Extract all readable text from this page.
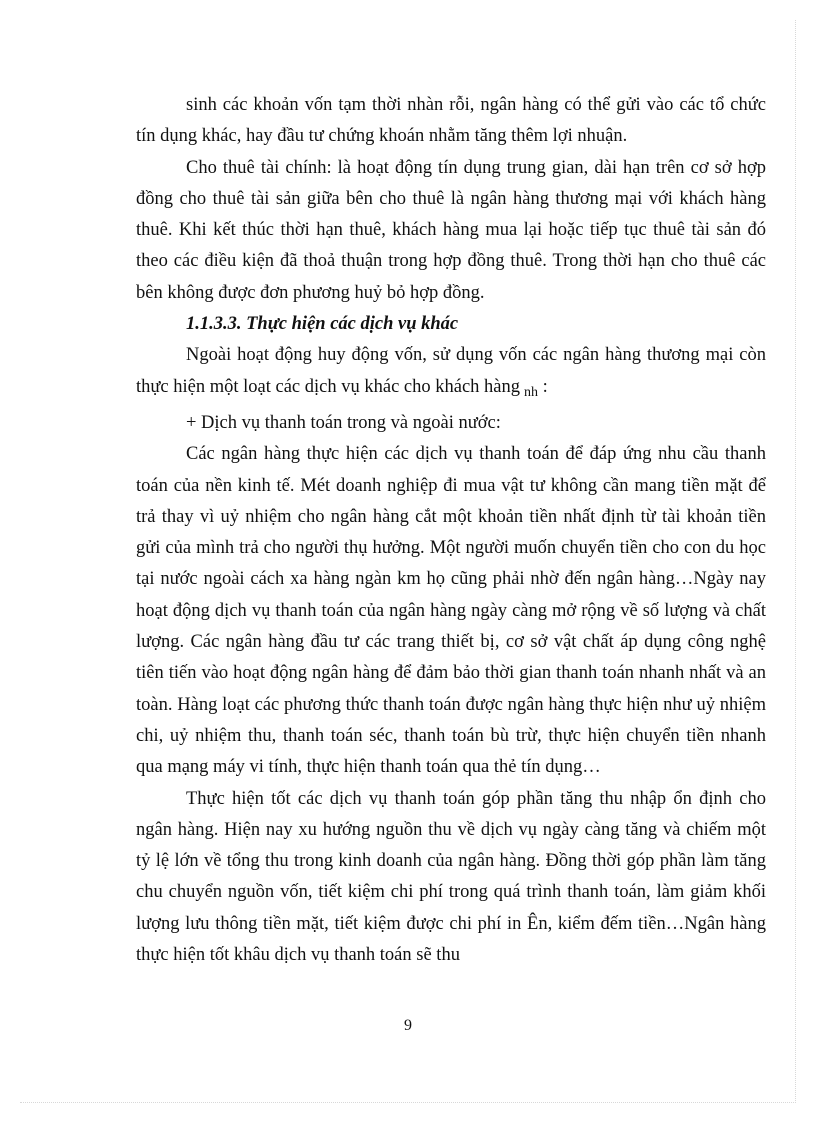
sinh các khoản vốn tạm thời nhàn rỗi, ngân hàng có thể gửi vào các tổ chức tín dụng khác, hay đầu tư chứng khoán nhằm tăng thêm lợi nhuận.

Cho thuê tài chính: là hoạt động tín dụng trung gian, dài hạn trên cơ sở hợp đồng cho thuê tài sản giữa bên cho thuê là ngân hàng thương mại với khách hàng thuê. Khi kết thúc thời hạn thuê, khách hàng mua lại hoặc tiếp tục thuê tài sản đó theo các điều kiện đã thoả thuận trong hợp đồng thuê. Trong thời hạn cho thuê các bên không được đơn phương huỷ bỏ hợp đồng.

1.1.3.3. Thực hiện các dịch vụ khác

Ngoài hoạt động huy động vốn, sử dụng vốn các ngân hàng thương mại còn thực hiện một loạt các dịch vụ khác cho khách hàng $_{nh}$ :

+ Dịch vụ thanh toán trong và ngoài nước:

Các ngân hàng thực hiện các dịch vụ thanh toán để đáp ứng nhu cầu thanh toán của nền kinh tế. Mét doanh nghiệp đi mua vật tư không cần mang tiền mặt để trả thay vì uỷ nhiệm cho ngân hàng cắt một khoản tiền nhất định từ tài khoản tiền gửi của mình trả cho người thụ hưởng. Một người muốn chuyển tiền cho con du học tại nước ngoài cách xa hàng ngàn km họ cũng phải nhờ đến ngân hàng…Ngày nay hoạt động dịch vụ thanh toán của ngân hàng ngày càng mở rộng về số lượng và chất lượng. Các ngân hàng đầu tư các trang thiết bị, cơ sở vật chất áp dụng công nghệ tiên tiến vào hoạt động ngân hàng để đảm bảo thời gian thanh toán nhanh nhất và an toàn. Hàng loạt các phương thức thanh toán được ngân hàng thực hiện như uỷ nhiệm chi, uỷ nhiệm thu, thanh toán séc, thanh toán bù trừ, thực hiện chuyển tiền nhanh qua mạng máy vi tính, thực hiện thanh toán qua thẻ tín dụng…

Thực hiện tốt các dịch vụ thanh toán góp phần tăng thu nhập ổn định cho ngân hàng. Hiện nay xu hướng nguồn thu về dịch vụ ngày càng tăng và chiếm một tỷ lệ lớn về tổng thu trong kinh doanh của ngân hàng. Đồng thời góp phần làm tăng chu chuyển nguồn vốn, tiết kiệm chi phí trong quá trình thanh toán, làm giảm khối lượng lưu thông tiền mặt, tiết kiệm được chi phí in Ên, kiểm đếm tiền…Ngân hàng thực hiện tốt khâu dịch vụ thanh toán sẽ thu

9
